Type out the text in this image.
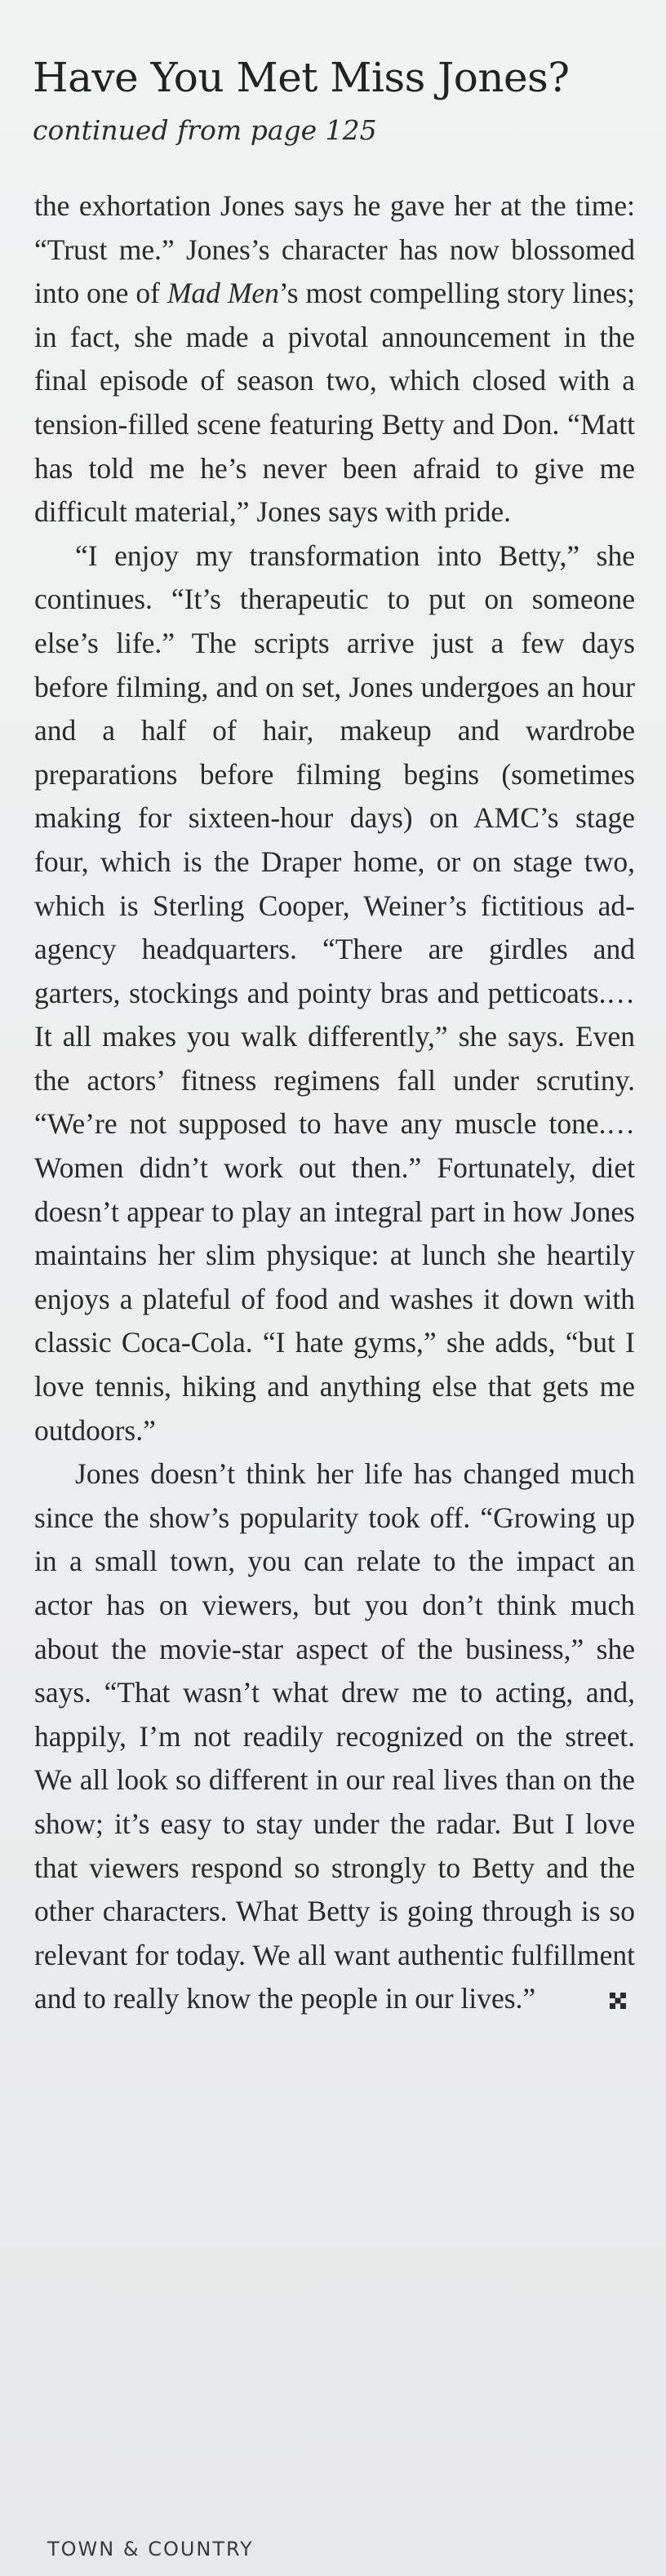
Have You Met Miss Jones?

continued from page 125

the exhortation Jones says he gave her at the time: “Trust me.” Jones’s character has now blossomed into one of Mad Men’s most compelling story lines; in fact, she made a pivotal announcement in the final episode of season two, which closed with a tension-filled scene featuring Betty and Don. “Matt has told me he’s never been afraid to give me difficult material,” Jones says with pride.

“I enjoy my transformation into Betty,” she continues. “It’s therapeutic to put on someone else’s life.” The scripts arrive just a few days before filming, and on set, Jones undergoes an hour and a half of hair, makeup and wardrobe preparations before filming begins (sometimes making for sixteen-hour days) on AMC’s stage four, which is the Draper home, or on stage two, which is Sterling Cooper, Weiner’s fictitious ad-agency headquarters. “There are girdles and garters, stockings and pointy bras and petticoats.… It all makes you walk differently,” she says. Even the actors’ fitness regimens fall under scrutiny. “We’re not supposed to have any muscle tone.… Women didn’t work out then.” Fortunately, diet doesn’t appear to play an integral part in how Jones maintains her slim physique: at lunch she heartily enjoys a plateful of food and washes it down with classic Coca-Cola. “I hate gyms,” she adds, “but I love tennis, hiking and anything else that gets me outdoors.”

Jones doesn’t think her life has changed much since the show’s popularity took off. “Growing up in a small town, you can relate to the impact an actor has on viewers, but you don’t think much about the movie-star aspect of the business,” she says. “That wasn’t what drew me to acting, and, happily, I’m not readily recognized on the street. We all look so different in our real lives than on the show; it’s easy to stay under the radar. But I love that viewers respond so strongly to Betty and the other characters. What Betty is going through is so relevant for today. We all want authentic fulfillment and to really know the people in our lives.”

TOWN & COUNTRY
